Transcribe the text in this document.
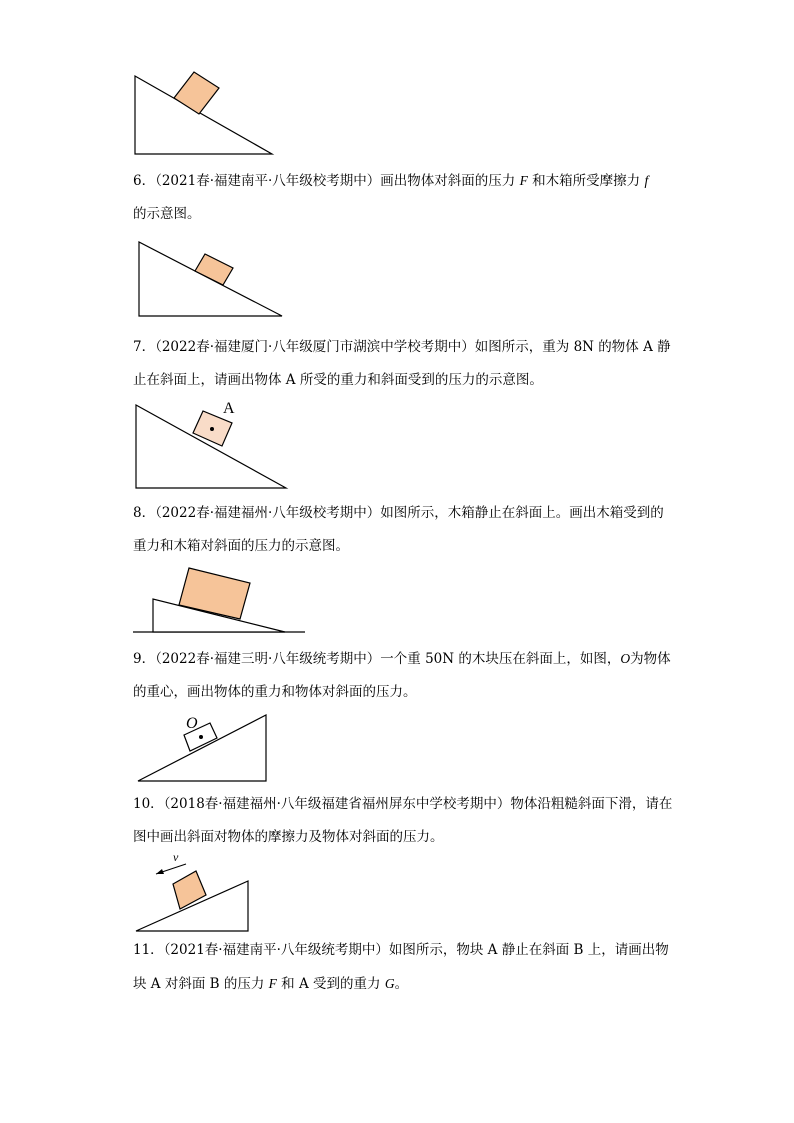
6．（2021春·福建南平·八年级校考期中）画出物体对斜面的压力 F 和木箱所受摩擦力 f
的示意图。

7．（2022春·福建厦门·八年级厦门市湖滨中学校考期中）如图所示，重为 8N 的物体 A 静止在斜面上，请画出物体 A 所受的重力和斜面受到的压力的示意图。

A

8．（2022春·福建福州·八年级校考期中）如图所示，木箱静止在斜面上。画出木箱受到的重力和木箱对斜面的压力的示意图。

9．（2022春·福建三明·八年级统考期中）一个重 50N 的木块压在斜面上，如图，O为物体的重心，画出物体的重力和物体对斜面的压力。

O

10．（2018春·福建福州·八年级福建省福州屏东中学校考期中）物体沿粗糙斜面下滑，请在图中画出斜面对物体的摩擦力及物体对斜面的压力。

v

11．（2021春·福建南平·八年级统考期中）如图所示，物块 A 静止在斜面 B 上，请画出物块 A 对斜面 B 的压力 F 和 A 受到的重力 G。
